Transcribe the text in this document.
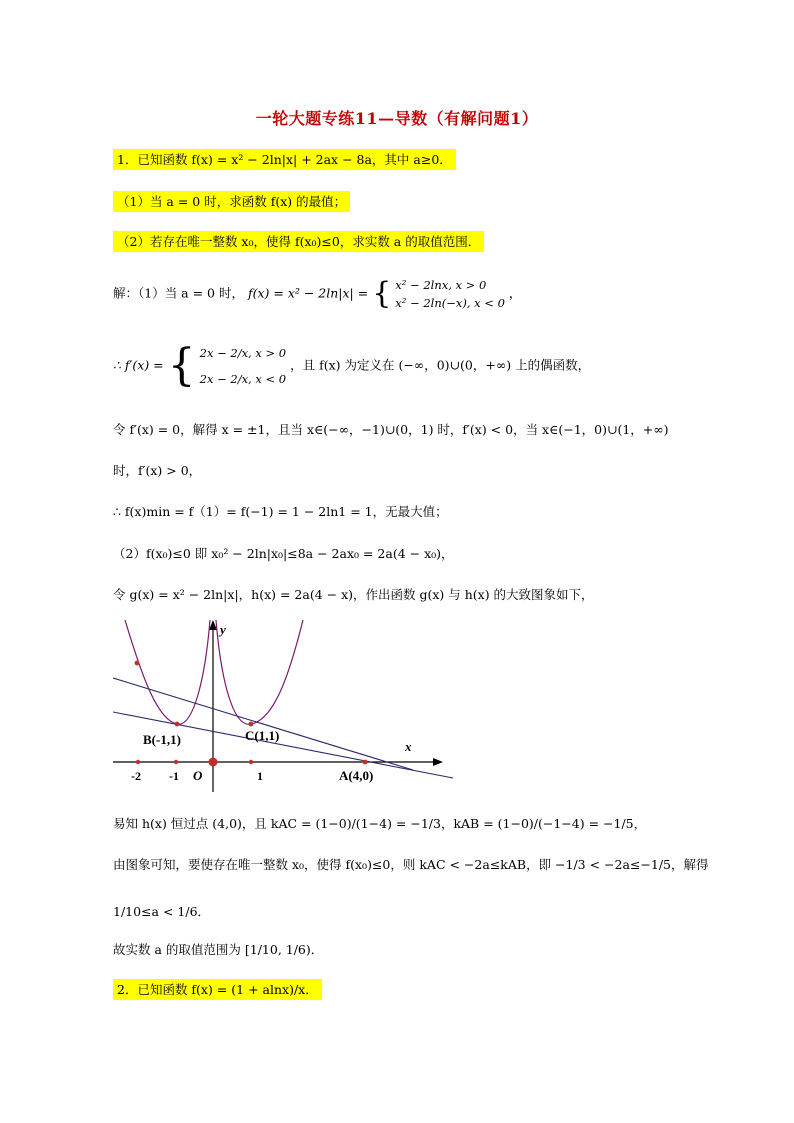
一轮大题专练11—导数（有解问题1）
1．已知函数 f(x) = x² − 2ln|x| + 2ax − 8a，其中 a≥0．
（1）当 a = 0 时，求函数 f(x) 的最值；
（2）若存在唯一整数 x₀，使得 f(x₀)≤0，求实数 a 的取值范围．
解：（1）当 a = 0 时， f(x) = x² − 2ln|x| = { x² − 2lnx, x > 0
x² − 2ln(−x), x < 0
，
∴ f′(x) = { 2x − 2/x, x > 0
2x − 2/x, x < 0
，且 f(x) 为定义在 (−∞，0)∪(0，+∞) 上的偶函数，
令 f′(x) = 0，解得 x = ±1，且当 x∈(−∞，−1)∪(0，1) 时，f′(x) < 0，当 x∈(−1，0)∪(1，+∞)
时，f′(x) > 0，
∴ f(x)min = f（1）= f(−1) = 1 − 2ln1 = 1，无最大值；
（2）f(x₀)≤0 即 x₀² − 2ln|x₀|≤8a − 2ax₀ = 2a(4 − x₀)，
令 g(x) = x² − 2ln|x|，h(x) = 2a(4 − x)，作出函数 g(x) 与 h(x) 的大致图象如下，
B(-1,1)	C(1,1)
A(4,0)
x
y
O
-2 -1	1
易知 h(x) 恒过点 (4,0)，且 kAC = (1−0)/(1−4) = −1/3，kAB = (1−0)/(−1−4) = −1/5，
由图象可知，要使存在唯一整数 x₀，使得 f(x₀)≤0，则 kAC < −2a≤kAB，即 −1/3 < −2a≤−1/5，解得
1/10≤a < 1/6．
故实数 a 的取值范围为 [1/10, 1/6)．
2．已知函数 f(x) = (1 + alnx)/x．
